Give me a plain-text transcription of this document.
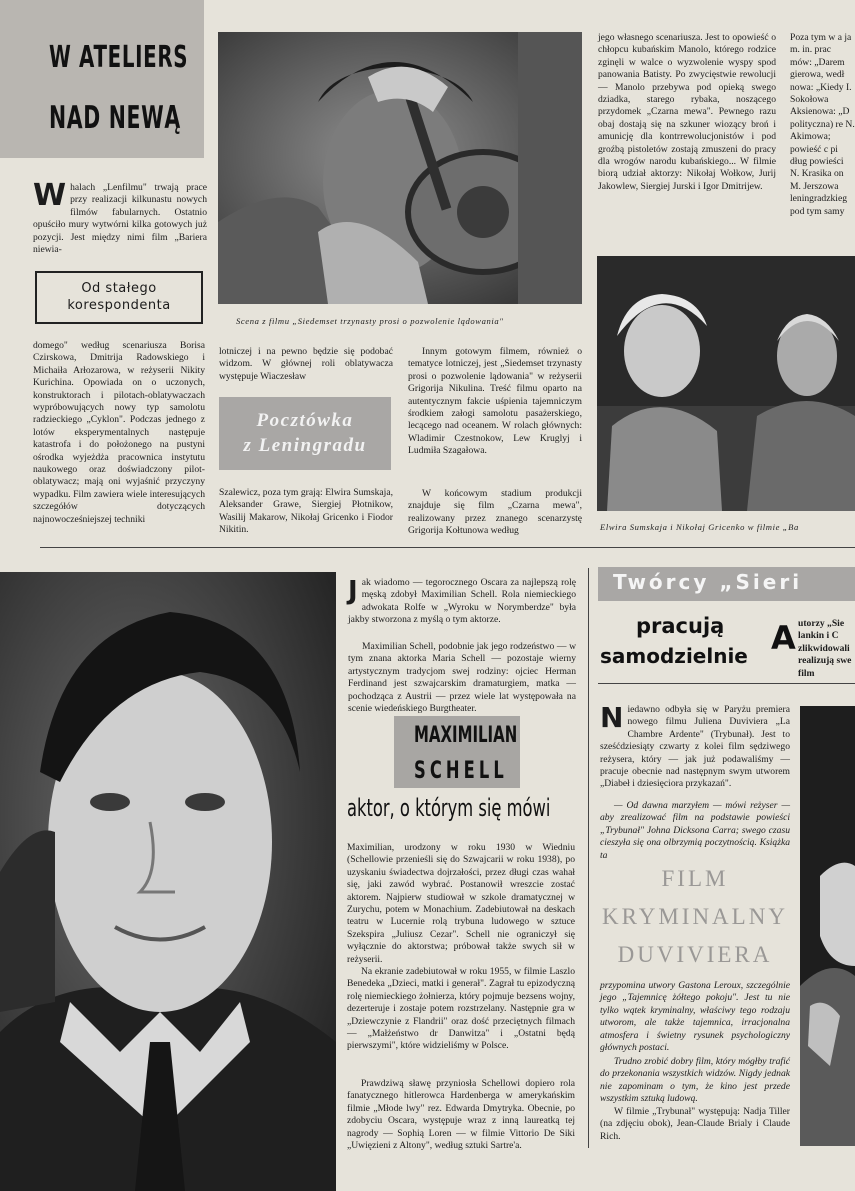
W ATELIERS
NAD NEWĄ
Whalach „Lenfilmu" trwają prace przy realizacji kilkunastu nowych filmów fabularnych. Ostatnio opuściło mury wytwórni kilka gotowych już pozycji. Jest między nimi film „Bariera niewia-
Od stałego
korespondenta
Scena z filmu „Siedemset trzynasty prosi o pozwolenie lądowania"
domego" według scenariusza Borisa Czirskowa, Dmitrija Radowskiego i Michaiła Arłozarowa, w reżyserii Nikity Kurichina. Opowiada on o uczonych, konstruktorach i pilotach-oblatywaczach wypróbowujących nowy typ samolotu radzieckiego „Cyklon". Podczas jednego z lotów eksperymentalnych następuje katastrofa i do położonego na pustyni ośrodka wyjeżdża pracownica instytutu naukowego oraz doświadczony pilot-oblatywacz; mają oni wyjaśnić przyczyny wypadku. Film zawiera wiele interesujących szczegółów dotyczących najnowocześniejszej techniki
lotniczej i na pewno będzie się podobać widzom. W głównej roli oblatywacza występuje Wiaczesław
Pocztówka
z Leningradu
Szalewicz, poza tym grają: Elwira Sumskaja, Aleksander Grawe, Siergiej Płotnikow, Wasilij Makarow, Nikołaj Gricenko i Fiodor Nikitin.
Innym gotowym filmem, również o tematyce lotniczej, jest „Siedemset trzynasty prosi o pozwolenie lądowania" w reżyserii Grigorija Nikulina. Treść filmu oparto na autentycznym fakcie uśpienia tajemniczym środkiem załogi samolotu pasażerskiego, lecącego nad oceanem. W rolach głównych: Wladimir Czestnokow, Lew Kruglyj i Ludmiła Szagałowa.
W końcowym stadium produkcji znajduje się film „Czarna mewa", realizowany przez znanego scenarzystę Grigorija Kołtunowa według
jego własnego scenariusza. Jest to opowieść o chłopcu kubańskim Manolo, którego rodzice zginęli w walce o wyzwolenie wyspy spod panowania Batisty. Po zwycięstwie rewolucji — Manolo przebywa pod opieką swego dziadka, starego rybaka, noszącego przydomek „Czarna mewa". Pewnego razu obaj dostają się na szkuner wiozący broń i amunicję dla kontrrewolucjonistów i pod groźbą pistoletów zostają zmuszeni do pracy dla wrogów narodu kubańskiego... W filmie biorą udział aktorzy: Nikołaj Wołkow, Jurij Jakowlew, Siergiej Jurski i Igor Dmitrijew.
Poza tym w a ja m. in. prac mów: „Darem gierowa, wedł nowa: „Kiedy I. Sokołowa Aksienowa: „D polityczna) re N. Akimowa; powieść c pi dług powieści N. Krasika on M. Jerszowa leningradzkieg pod tym samy
Elwira Sumskaja i Nikołaj Gricenko w filmie „Ba
Jak wiadomo — tegorocznego Oscara za najlepszą rolę męską zdobył Maximilian Schell. Rola niemieckiego adwokata Rolfe w „Wyroku w Norymberdze" była jakby stworzona z myślą o tym aktorze.
Maximilian Schell, podobnie jak jego rodzeństwo — w tym znana aktorka Maria Schell — pozostaje wierny artystycznym tradycjom swej rodziny: ojciec Herman Ferdinand jest szwajcarskim dramaturgiem, matka — pochodząca z Austrii — przez wiele lat występowała na scenie wiedeńskiego Burgtheater.
MAXIMILIAN
SCHELL
aktor, o którym się mówi
Maximilian, urodzony w roku 1930 w Wiedniu (Schellowie przenieśli się do Szwajcarii w roku 1938), po uzyskaniu świadectwa dojrzałości, przez długi czas wahał się, jaki zawód wybrać. Postanowił wreszcie zostać aktorem. Najpierw studiował w szkole dramatycznej w Zurychu, potem w Monachium. Zadebiutował na deskach teatru w Lucernie rolą trybuna ludowego w sztuce Szekspira „Juliusz Cezar". Schell nie ograniczył się wyłącznie do aktorstwa; próbował także swych sił w reżyserii.
Na ekranie zadebiutował w roku 1955, w filmie Laszlo Benedeka „Dzieci, matki i generał". Zagrał tu epizodyczną rolę niemieckiego żołnierza, który pojmuje bezsens wojny, dezerteruje i zostaje potem rozstrzelany. Następnie gra w „Dziewczynie z Flandrii" oraz dość przeciętnych filmach — „Małżeństwo dr Danwitza" i „Ostatni będą pierwszymi", które widzieliśmy w Polsce.
Prawdziwą sławę przyniosła Schellowi dopiero rola fanatycznego hitlerowca Hardenberga w amerykańskim filmie „Młode lwy" rez. Edwarda Dmytryka. Obecnie, po zdobyciu Oscara, występuje wraz z inną laureatką tej nagrody — Sophią Loren — w filmie Vittorio De Siki „Uwięzieni z Altony", według sztuki Sartre'a.
Twórcy „Sieri
pracują
samodzielnie A utorzy „Sie lankin i C zlikwidowali realizują swe film
Niedawno odbyła się w Paryżu premiera nowego filmu Juliena Duviviera „La Chambre Ardente" (Trybunał). Jest to sześćdziesiąty czwarty z kolei film sędziwego reżysera, który — jak już podawaliśmy — pracuje obecnie nad następnym swym utworem „Diabeł i dziesięciora przykazań".
— Od dawna marzyłem — mówi reżyser — aby zrealizować film na podstawie powieści „Trybunał" Johna Dicksona Carra; swego czasu cieszyła się ona olbrzymią poczytnością. Książka ta
FILM
KRYMINALNY
DUVIVIERA
przypomina utwory Gastona Leroux, szczególnie jego „Tajemnicę żółtego pokoju". Jest tu nie tylko wątek kryminalny, właściwy tego rodzaju utworom, ale także tajemnica, irracjonalna atmosfera i świetny rysunek psychologiczny głównych postaci.
Trudno zrobić dobry film, który mógłby trafić do przekonania wszystkich widzów. Nigdy jednak nie zapominam o tym, że kino jest przede wszystkim sztuką ludową.
W filmie „Trybunał" występują: Nadja Tiller (na zdjęciu obok), Jean-Claude Brialy i Claude Rich.
